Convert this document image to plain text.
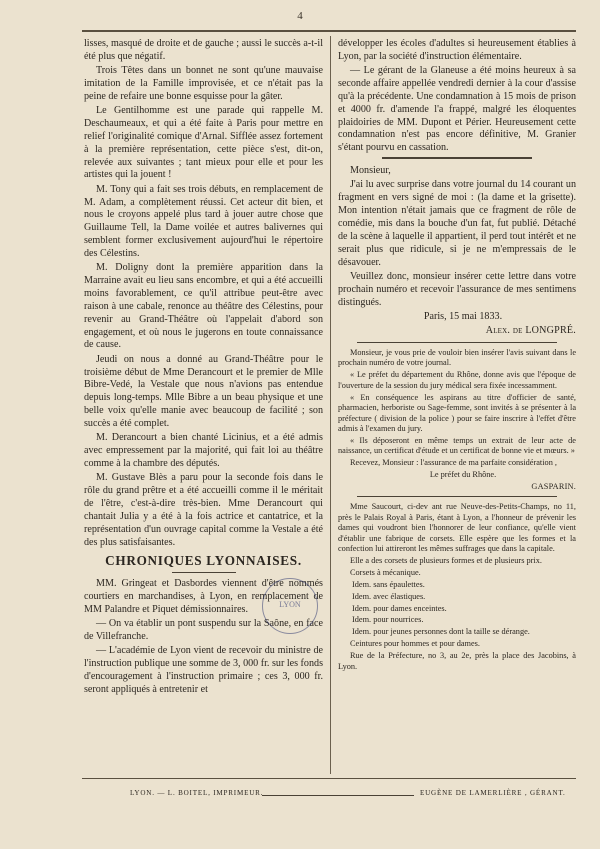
4

lisses, masqué de droite et de gauche ; aussi le succès a-t-il été plus que négatif.

Trois Têtes dans un bonnet ne sont qu'une mauvaise imitation de la Famille improvisée, et ce n'était pas la peine de refaire une bonne esquisse pour la gâter.

Le Gentilhomme est une parade qui rappelle M. Deschaumeaux, et qui a été faite à Paris pour mettre en relief l'originalité comique d'Arnal. Sifflée assez fortement à la première représentation, cette pièce s'est, dit-on, relevée aux suivantes ; tant mieux pour elle et pour les artistes qui la jouent !

M. Tony qui a fait ses trois débuts, en remplacement de M. Adam, a complètement réussi. Cet acteur dit bien, et nous le croyons appelé plus tard à jouer autre chose que Guillaume Tell, la Dame voilée et autres balivernes qui semblent former exclusivement aujourd'hui le répertoire des Célestins.

M. Doligny dont la première apparition dans la Marraine avait eu lieu sans encombre, et qui a été accueilli moins favorablement, ce qu'il attribue peut-être avec raison à une cabale, renonce au théâtre des Célestins, pour revenir au Grand-Théâtre où l'appelait d'abord son engagement, et où nous le jugerons en toute connaissance de cause.

Jeudi on nous a donné au Grand-Théâtre pour le troisième début de Mme Derancourt et le premier de Mlle Bibre-Vedé, la Vestale que nous n'avions pas entendue depuis long-temps. Mlle Bibre a un beau physique et une belle voix qu'elle manie avec beaucoup de facilité ; son succès a été complet.

M. Derancourt a bien chanté Licinius, et a été admis avec empressement par la majorité, qui fait loi au théâtre comme à la chambre des députés.

M. Gustave Blès a paru pour la seconde fois dans le rôle du grand prêtre et a été accueilli comme il le méritait de l'être, c'est-à-dire très-bien. Mme Derancourt qui chantait Julia y a été à la fois actrice et cantatrice, et la représentation d'un ouvrage capital comme la Vestale a été des plus satisfaisantes.

CHRONIQUES LYONNAISES.

MM. Gringeat et Dasbordes viennent d'être nommés courtiers en marchandises, à Lyon, en remplacement de MM Palandre et Piquet démissionnaires.

— On va établir un pont suspendu sur la Saône, en face de Villefranche.

— L'académie de Lyon vient de recevoir du ministre de l'instruction publique une somme de 3, 000 fr. sur les fonds d'encouragement à l'instruction primaire ; ces 3, 000 fr. seront appliqués à entretenir et

LYON

développer les écoles d'adultes si heureusement établies à Lyon, par la société d'instruction élémentaire.

— Le gérant de la Glaneuse a été moins heureux à sa seconde affaire appellée vendredi dernier à la cour d'assise qu'à la précédente. Une condamnation à 15 mois de prison et 4000 fr. d'amende l'a frappé, malgré les éloquentes plaidoiries de MM. Dupont et Périer. Heureusement cette condamnation n'est pas encore définitive, M. Granier s'étant pourvu en cassation.

Monsieur,

J'ai lu avec surprise dans votre journal du 14 courant un fragment en vers signé de moi : (la dame et la grisette). Mon intention n'était jamais que ce fragment de rôle de comédie, mis dans la bouche d'un fat, fut publié. Détaché de la scène à laquelle il appartient, il perd tout intérêt et ne serait plus que ridicule, si je ne m'empressais de le désavouer.

Veuillez donc, monsieur insérer cette lettre dans votre prochain numéro et recevoir l'assurance de mes sentimens distingués.

Paris, 15 mai 1833.

Alex. de LONGPRÉ.

Monsieur, je vous prie de vouloir bien insérer l'avis suivant dans le prochain numéro de votre journal.

« Le préfet du département du Rhône, donne avis que l'époque de l'ouverture de la session du jury médical sera fixée incessamment.

« En conséquence les aspirans au titre d'officier de santé, pharmacien, herboriste ou Sage-femme, sont invités à se présenter à la préfecture ( division de la police ) pour se faire inscrire à l'effet d'être admis à l'examen du jury.

« Ils déposeront en même temps un extrait de leur acte de naissance, un certificat d'étude et un certificat de bonne vie et mœurs. »

Recevez, Monsieur : l'assurance de ma parfaite considération ,

Le préfet du Rhône.

GASPARIN.

Mme Saucourt, ci-dev ant rue Neuve-des-Petits-Champs, no 11, près le Palais Royal à Paris, étant à Lyon, a l'honneur de prévenir les dames qui voudront bien l'honnorer de leur confiance, qu'elle vient d'établir une fabrique de corsets. Elle espère que les formes et la confection lui attireront les mêmes suffrages que dans la capitale.

Elle a des corsets de plusieurs formes et de plusieurs prix.

Corsets à mécanique.

Idem. sans épaulettes.

Idem. avec élastiques.

Idem. pour dames enceintes.

Idem. pour nourrices.

Idem. pour jeunes personnes dont la taille se dérange.

Ceintures pour hommes et pour dames.

Rue de la Préfecture, no 3, au 2e, près la place des Jacobins, à Lyon.

LYON. — L. BOITEL, IMPRIMEUR.	EUGÈNE DE LAMERLIÈRE , GÉRANT.
